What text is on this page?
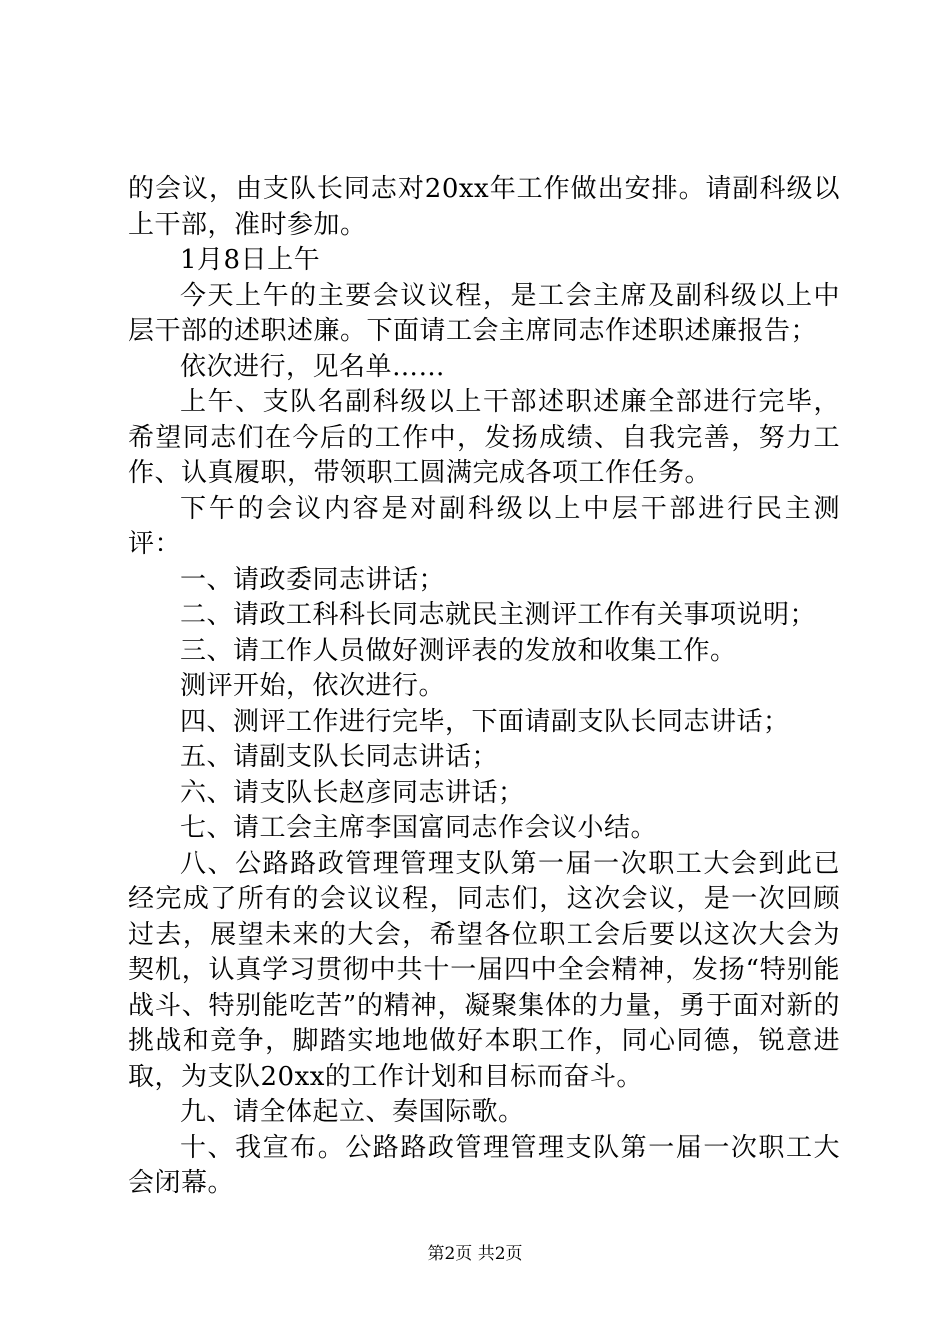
的会议，由支队长同志对20xx年工作做出安排。请副科级以上干部，准时参加。

1月8日上午

今天上午的主要会议议程，是工会主席及副科级以上中层干部的述职述廉。下面请工会主席同志作述职述廉报告；

依次进行，见名单……

上午、支队名副科级以上干部述职述廉全部进行完毕，希望同志们在今后的工作中，发扬成绩、自我完善，努力工作、认真履职，带领职工圆满完成各项工作任务。

下午的会议内容是对副科级以上中层干部进行民主测评：

一、请政委同志讲话；

二、请政工科科长同志就民主测评工作有关事项说明；

三、请工作人员做好测评表的发放和收集工作。

测评开始，依次进行。

四、测评工作进行完毕，下面请副支队长同志讲话；

五、请副支队长同志讲话；

六、请支队长赵彦同志讲话；

七、请工会主席李国富同志作会议小结。

八、公路路政管理管理支队第一届一次职工大会到此已经完成了所有的会议议程，同志们，这次会议，是一次回顾过去，展望未来的大会，希望各位职工会后要以这次大会为契机，认真学习贯彻中共十一届四中全会精神，发扬“特别能战斗、特别能吃苦”的精神，凝聚集体的力量，勇于面对新的挑战和竞争，脚踏实地地做好本职工作，同心同德，锐意进取，为支队20xx的工作计划和目标而奋斗。

九、请全体起立、奏国际歌。

十、我宣布。公路路政管理管理支队第一届一次职工大会闭幕。

第2页 共2页
